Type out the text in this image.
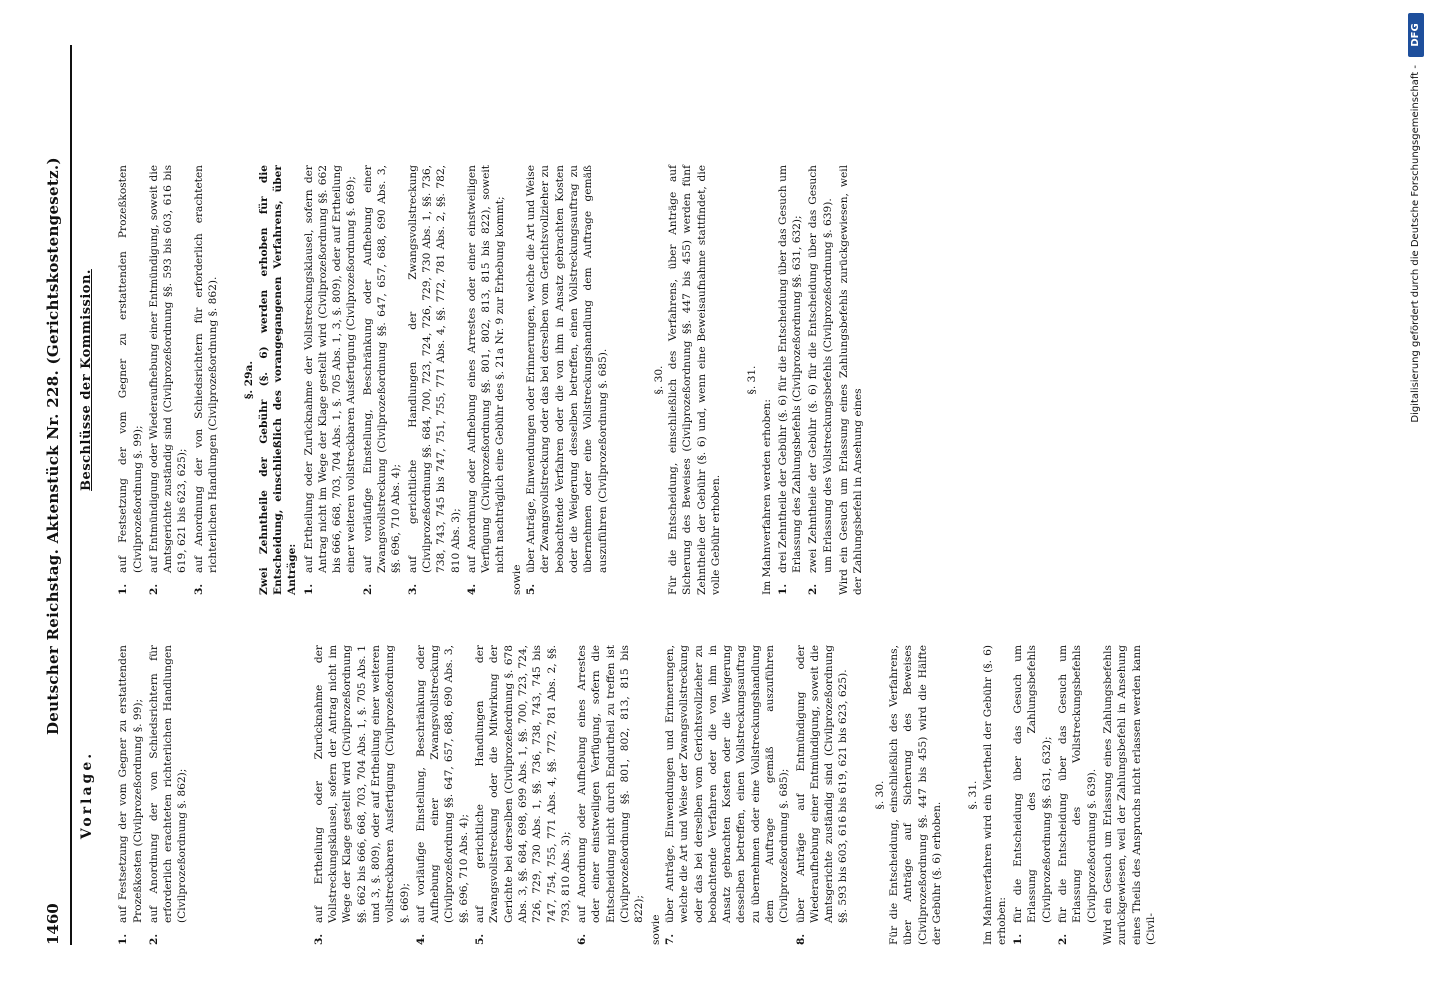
1460
Deutscher Reichstag. Aktenstück Nr. 228. (Gerichtskostengesetz.)

Vorlage.

1.
auf Festsetzung der vom Gegner zu erstattenden Prozeßkosten (Civilprozeßordnung §. 99);
2.
auf Anordnung der von Schiedsrichtern für erforderlich erachteten richterlichen Handlungen (Civilprozeßordnung §. 862);
3.
auf Ertheilung oder Zurücknahme der Vollstreckungsklausel, sofern der Antrag nicht im Wege der Klage gestellt wird (Civilprozeßordnung §§. 662 bis 666, 668, 703, 704 Abs. 1, §. 705 Abs. 1 und 3, §. 809), oder auf Ertheilung einer weiteren vollstreckbaren Ausfertigung (Civilprozeßordnung §. 669);
4.
auf vorläufige Einstellung, Beschränkung oder Aufhebung einer Zwangsvollstreckung (Civilprozeßordnung §§. 647, 657, 688, 690 Abs. 3, §§. 696, 710 Abs. 4);
5.
auf gerichtliche Handlungen der Zwangsvollstreckung oder die Mitwirkung der Gerichte bei derselben (Civilprozeßordnung §. 678 Abs. 3, §§. 684, 698, 699 Abs. 1, §§. 700, 723, 724, 726, 729, 730 Abs. 1, §§. 736, 738, 743, 745 bis 747, 754, 755, 771 Abs. 4, §§. 772, 781 Abs. 2, §§. 793, 810 Abs. 3);
6.
auf Anordnung oder Aufhebung eines Arrestes oder einer einstweiligen Verfügung, sofern die Entscheidung nicht durch Endurtheil zu treffen ist (Civilprozeßordnung §§. 801, 802, 813, 815 bis 822);

sowie 7.
über Anträge, Einwendungen und Erinnerungen, welche die Art und Weise der Zwangsvollstreckung oder das bei derselben vom Gerichtsvollzieher zu beobachtende Verfahren oder die von ihm in Ansatz gebrachten Kosten oder die Weigerung desselben betreffen, einen Vollstreckungsauftrag zu übernehmen oder eine Vollstreckungshandlung dem Auftrage gemäß auszuführen (Civilprozeßordnung §. 685);
8.
über Anträge auf Entmündigung oder Wiederaufhebung einer Entmündigung, soweit die Amtsgerichte zuständig sind (Civilprozeßordnung §§. 593 bis 603, 616 bis 619, 621 bis 623, 625). §. 30. Für die Entscheidung, einschließlich des Verfahrens, über Anträge auf Sicherung des Beweises (Civilprozeßordnung §§. 447 bis 455) wird die Hälfte der Gebühr (§. 6) erhoben.

§. 31. Im Mahnverfahren wird ein Viertheil der Gebühr (§. 6) erhoben: 1.
für die Entscheidung über das Gesuch um Erlassung des Zahlungsbefehls (Civilprozeßordnung §§. 631, 632);
2.
für die Entscheidung über das Gesuch um Erlassung des Vollstreckungsbefehls (Civilprozeßordnung §. 639). Wird ein Gesuch um Erlassung eines Zahlungsbefehls zurückgewiesen, weil der Zahlungsbefehl in Ansehung eines Theils des Anspruchs nicht erlassen werden kann (Civil-

Beschlüsse der Kommission.

1.
auf Festsetzung der vom Gegner zu erstattenden Prozeßkosten (Civilprozeßordnung §. 99);
2.
auf Entmündigung oder Wiederaufhebung einer Entmündigung, soweit die Amtsgerichte zuständig sind (Civilprozeßordnung §§. 593 bis 603, 616 bis 619, 621 bis 623, 625);
3.
auf Anordnung der von Schiedsrichtern für erforderlich erachteten richterlichen Handlungen (Civilprozeßordnung §. 862). §. 29a. Zwei Zehntheile der Gebühr (§. 6) werden erhoben für die Entscheidung, einschließlich des vorangegangenen Verfahrens, über Anträge: 1.
auf Ertheilung oder Zurücknahme der Vollstreckungsklausel, sofern der Antrag nicht im Wege der Klage gestellt wird (Civilprozeßordnung §§. 662 bis 666, 668, 703, 704 Abs. 1, §. 705 Abs. 1, 3, §. 809), oder auf Ertheilung einer weiteren vollstreckbaren Ausfertigung (Civilprozeßordnung §. 669);
2.
auf vorläufige Einstellung, Beschränkung oder Aufhebung einer Zwangsvollstreckung (Civilprozeßordnung §§. 647, 657, 688, 690 Abs. 3, §§. 696, 710 Abs. 4);
3.
auf gerichtliche Handlungen der Zwangsvollstreckung (Civilprozeßordnung §§. 684, 700, 723, 724, 726, 729, 730 Abs. 1, §§. 736, 738, 743, 745 bis 747, 751, 755, 771 Abs. 4, §§. 772, 781 Abs. 2, §§. 782, 810 Abs. 3);
4.
auf Anordnung oder Aufhebung eines Arrestes oder einer einstweiligen Verfügung (Civilprozeßordnung §§. 801, 802, 813, 815 bis 822), soweit nicht nachträglich eine Gebühr des §. 21a Nr. 9 zur Erhebung kommt;

sowie 5.
über Anträge, Einwendungen oder Erinnerungen, welche die Art und Weise der Zwangsvollstreckung oder das bei derselben vom Gerichtsvollzieher zu beobachtende Verfahren oder die von ihm in Ansatz gebrachten Kosten oder die Weigerung desselben betreffen, einen Vollstreckungsauftrag zu übernehmen oder eine Vollstreckungshandlung dem Auftrage gemäß auszuführen (Civilprozeßordnung §. 685).	§. 30. Für die Entscheidung, einschließlich des Verfahrens, über Anträge auf Sicherung des Beweises (Civilprozeßordnung §§. 447 bis 455) werden fünf Zehntheile der Gebühr (§. 6) und, wenn eine Beweisaufnahme stattfindet, die volle Gebühr erhoben.

§. 31.

Im Mahnverfahren werden erhoben: 1.
drei Zehntheile der Gebühr (§. 6) für die Entscheidung über das Gesuch um Erlassung des Zahlungsbefehls (Civilprozeßordnung §§. 631, 632);
2.
zwei Zehntheile der Gebühr (§. 6) für die Entscheidung über das Gesuch um Erlassung des Vollstreckungsbefehls (Civilprozeßordnung §. 639). Wird ein Gesuch um Erlassung eines Zahlungsbefehls zurückgewiesen, weil der Zahlungsbefehl in Ansehung eines

Digitalisierung gefördert durch die Deutsche Forschungsgemeinschaft -
DFG
